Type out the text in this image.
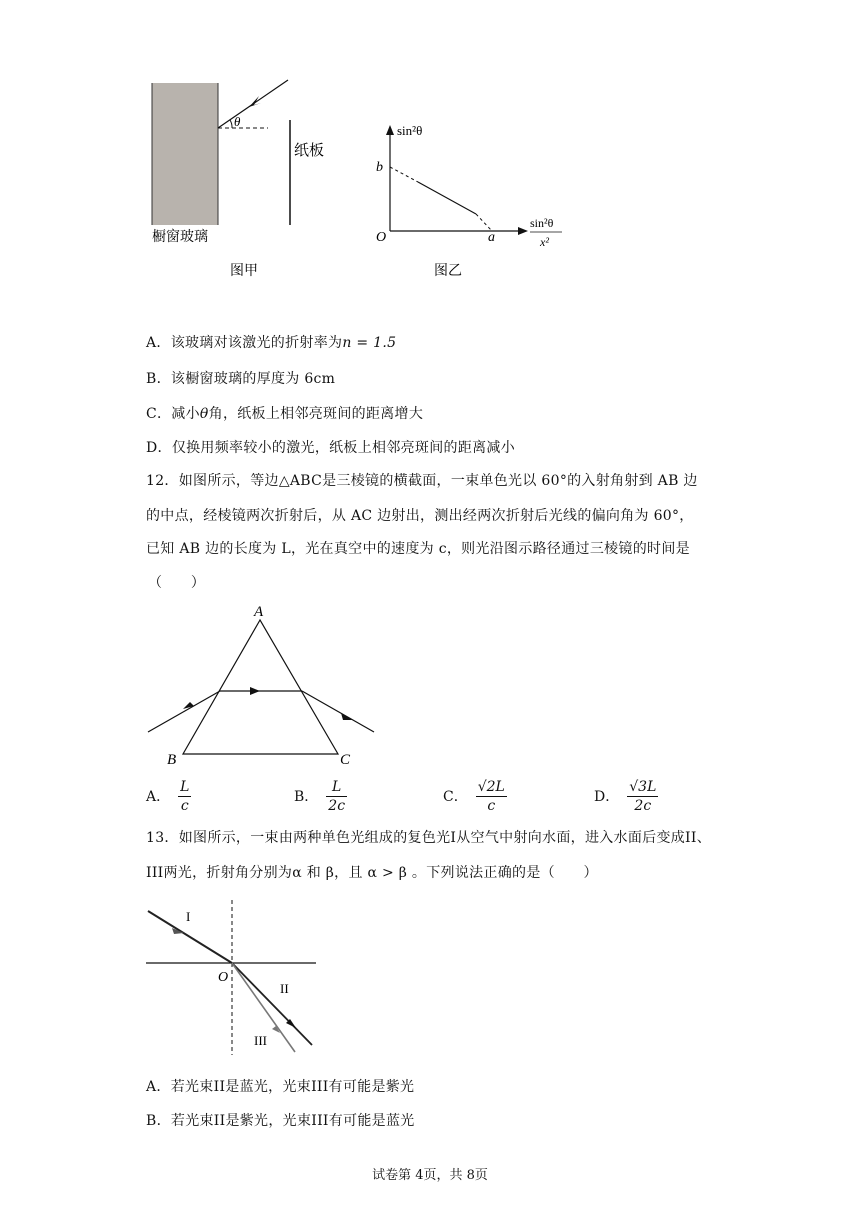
θ
纸板
橱窗玻璃
图甲
sin²θ
b
O	a
sin²θ
x²
图乙
A．该玻璃对该激光的折射率为n = 1.5
B．该橱窗玻璃的厚度为 6cm
C．减小θ角，纸板上相邻亮斑间的距离增大
D．仅换用频率较小的激光，纸板上相邻亮斑间的距离减小
12．如图所示，等边△ABC是三棱镜的横截面，一束单色光以 60°的入射角射到 AB 边
的中点，经棱镜两次折射后，从 AC 边射出，测出经两次折射后光线的偏向角为 60°，
已知 AB 边的长度为 L，光在真空中的速度为 c，则光沿图示路径通过三棱镜的时间是
（　　）
A
B	C
A． $\frac{L}{c}$	B． $\frac{L}{2c}$	C． $\frac{√2L}{c}$	D． $\frac{√3L}{2c}$
13．如图所示，一束由两种单色光组成的复色光I从空气中射向水面，进入水面后变成II、
III两光，折射角分别为α 和 β，且 α > β 。下列说法正确的是（　　）
I
O
II
III
A．若光束II是蓝光，光束III有可能是紫光
B．若光束II是紫光，光束III有可能是蓝光
试卷第 4页，共 8页
